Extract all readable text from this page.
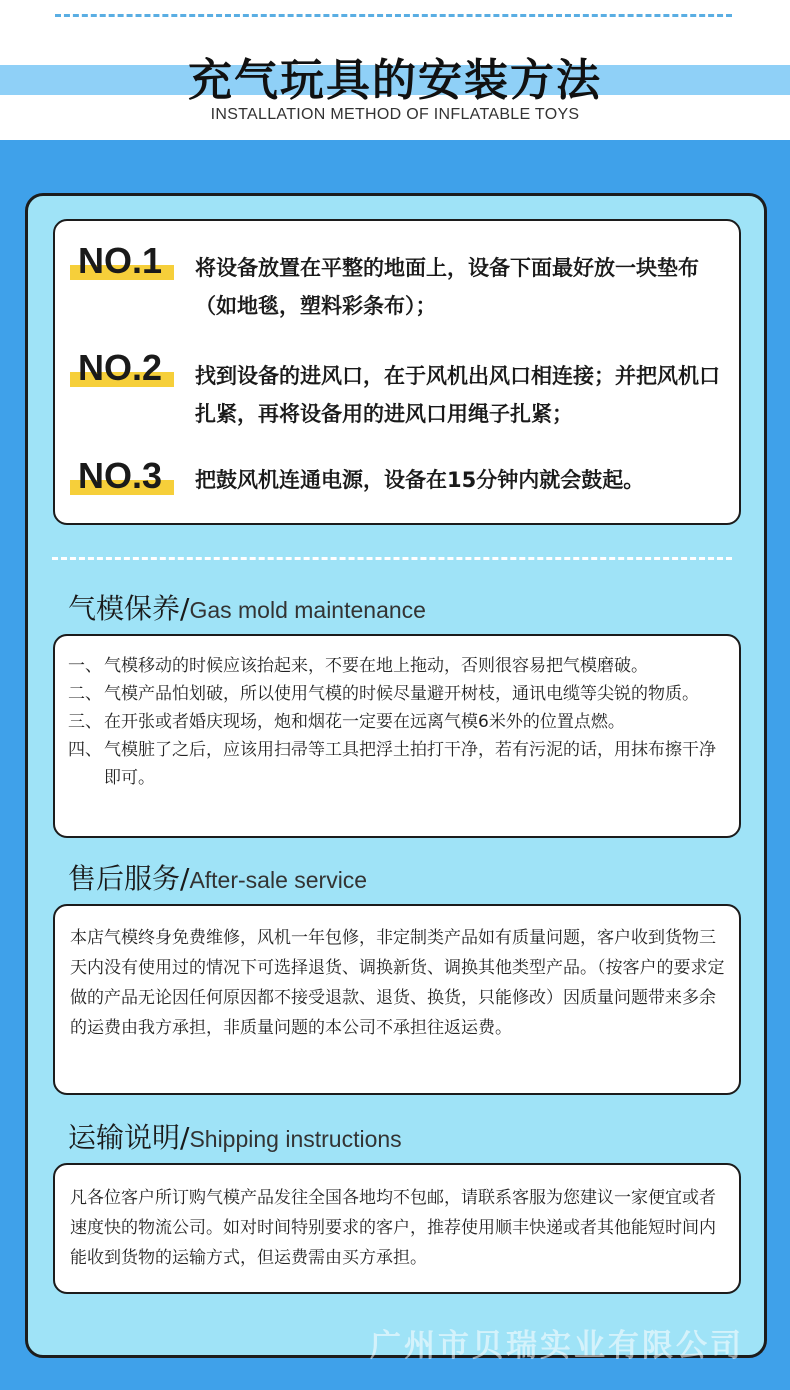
充气玩具的安装方法
INSTALLATION METHOD OF INFLATABLE TOYS
NO.1	将设备放置在平整的地面上，设备下面最好放一块垫布（如地毯，塑料彩条布）；
NO.2	找到设备的进风口，在于风机出风口相连接；并把风机口扎紧，再将设备用的进风口用绳子扎紧；
NO.3	把鼓风机连通电源，设备在15分钟内就会鼓起。
气模保养/Gas mold maintenance
一、 气模移动的时候应该抬起来，不要在地上拖动，否则很容易把气模磨破。
二、 气模产品怕划破，所以使用气模的时候尽量避开树枝，通讯电缆等尖锐的物质。
三、 在开张或者婚庆现场，炮和烟花一定要在远离气模6米外的位置点燃。
四、 气模脏了之后，应该用扫帚等工具把浮土拍打干净，若有污泥的话，用抹布擦干净即可。
售后服务/After-sale service
本店气模终身免费维修，风机一年包修，非定制类产品如有质量问题，客户收到货物三天内没有使用过的情况下可选择退货、调换新货、调换其他类型产品。（按客户的要求定做的产品无论因任何原因都不接受退款、退货、换货，只能修改）因质量问题带来多余的运费由我方承担，非质量问题的本公司不承担往返运费。
运输说明/Shipping instructions
凡各位客户所订购气模产品发往全国各地均不包邮，请联系客服为您建议一家便宜或者速度快的物流公司。如对时间特别要求的客户，推荐使用顺丰快递或者其他能短时间内能收到货物的运输方式，但运费需由买方承担。
广州市贝瑞实业有限公司
